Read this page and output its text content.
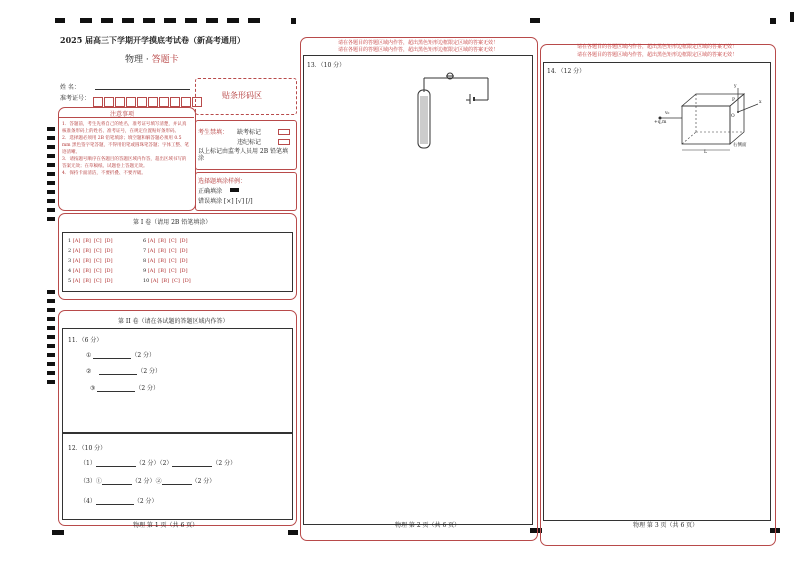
2025 届高三下学期开学摸底考试卷（新高考通用）
物理 · 答题卡
姓 名：
准考证号：	贴条形码区
注意事项
1．答题前，考生先将自己的姓名，准考证号填写清楚，并认真核准条形码上的姓名、准考证号，在规定位置贴好条形码。
2．选择题必须用 2B 铅笔填涂；填空题和解答题必须用 0.5 mm 黑色签字笔答题，不得用铅笔或圆珠笔答题；字体工整、笔迹清晰。
3．请按题号顺序在各题目的答题区域内作答，超出区域书写的答案无效；在草稿纸、试题卷上答题无效。
4．保持卡面清洁，不要折叠、不要弄破。
考生禁填： 缺考标记
违纪标记
以上标记由监考人员用 2B 铅笔填涂
选择题填涂样例：
正确填涂
错误填涂 [×] [√] [/]
第 I 卷（请用 2B 铅笔填涂）
1 [A] [B] [C] [D]
2 [A] [B] [C] [D]
3 [A] [B] [C] [D]
4 [A] [B] [C] [D]
5 [A] [B] [C] [D]
6 [A] [B] [C] [D]
7 [A] [B] [C] [D]
8 [A] [B] [C] [D]
9 [A] [B] [C] [D]
10 [A] [B] [C] [D]
第 II 卷（请在各试题的答题区域内作答）
11．（6 分）
①	（2 分）
②	（2 分）
③	（2 分）
12．（10 分）
（1）	（2 分）（2）	（2 分）
（3）①	（2 分）②	（2 分）
（4）	（2 分）
物理 第 1 页（共 6 页）
请在各题目的答题区域内作答，超出黑色矩形边框限定区域的答案无效！
请在各题目的答题区域内作答，超出黑色矩形边框限定区域的答案无效！
13．（10 分）
物理 第 2 页（共 6 页）
请在各题目的答题区域内作答，超出黑色矩形边框限定区域的答案无效！
请在各题目的答题区域内作答，超出黑色矩形边框限定区域的答案无效！
14．（12 分）
y
x
v₀
+q,m
P
O
L
右侧面
物理 第 3 页（共 6 页）
